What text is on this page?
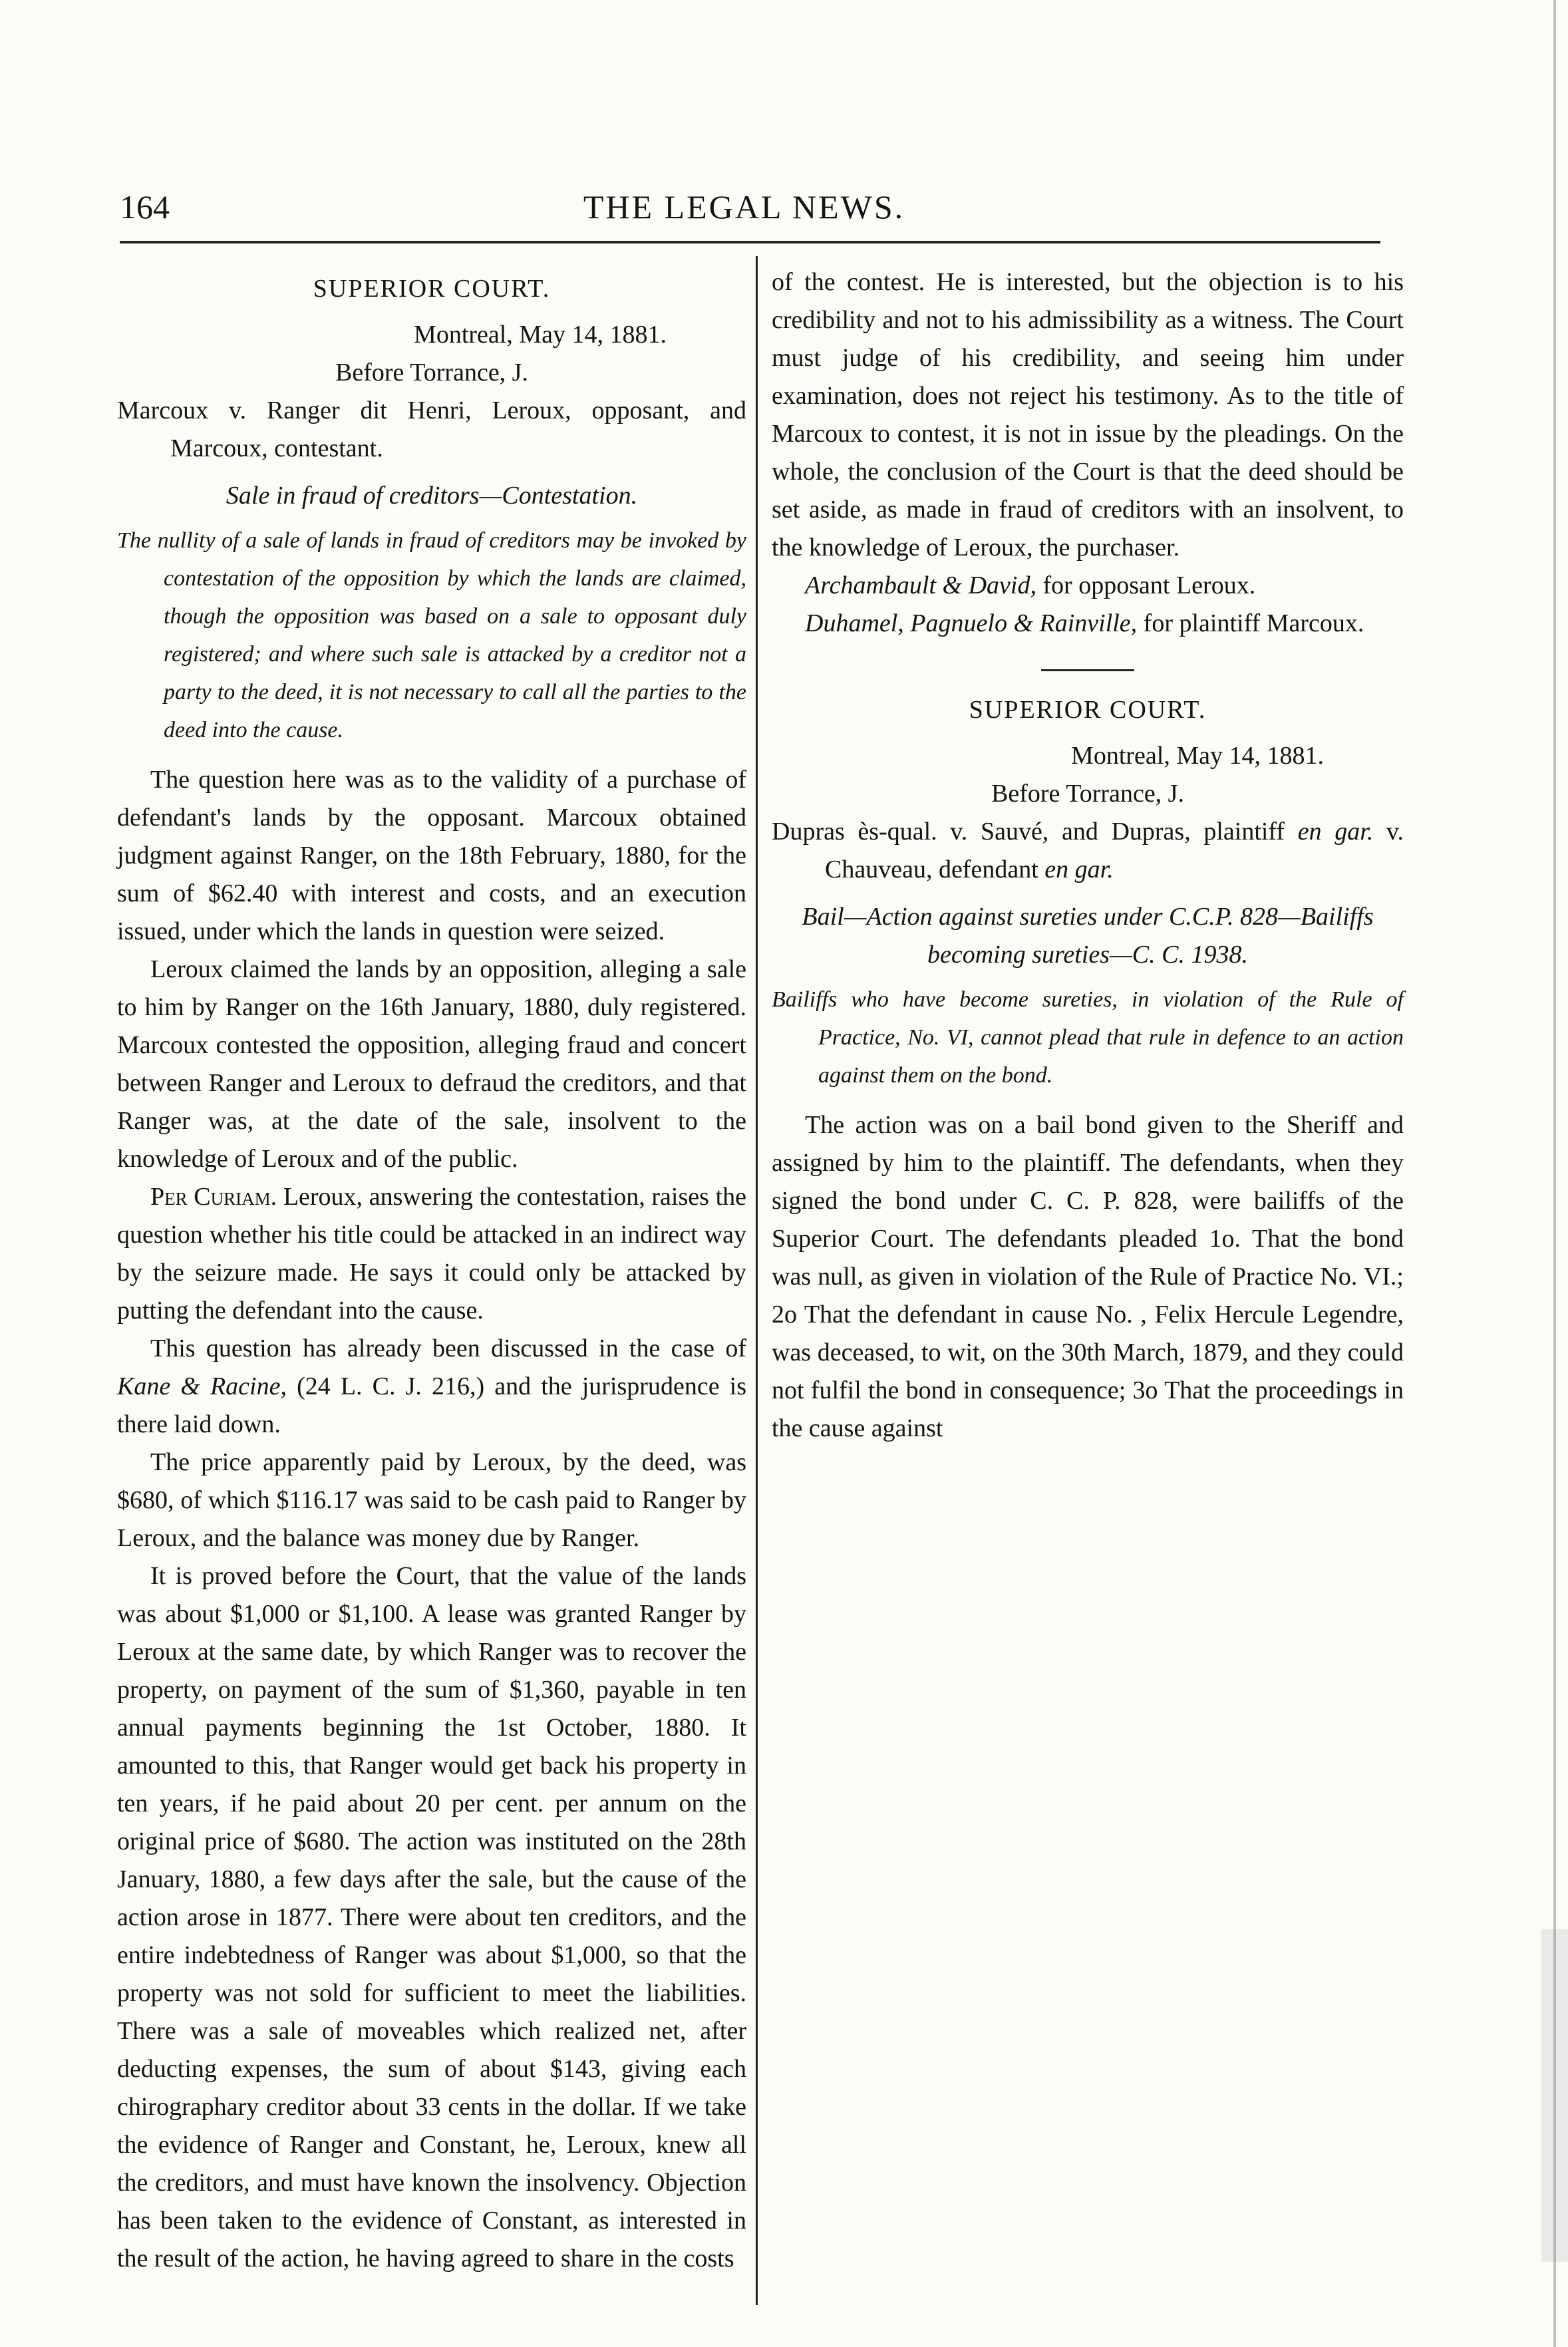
164	THE LEGAL NEWS.
SUPERIOR COURT.
Montreal, May 14, 1881.
Before Torrance, J.
Marcoux v. Ranger dit Henri, Leroux, opposant, and Marcoux, contestant.
Sale in fraud of creditors—Contestation.
The nullity of a sale of lands in fraud of creditors may be invoked by contestation of the opposition by which the lands are claimed, though the opposition was based on a sale to opposant duly registered; and where such sale is attacked by a creditor not a party to the deed, it is not necessary to call all the parties to the deed into the cause.

The question here was as to the validity of a purchase of defendant's lands by the opposant. Marcoux obtained judgment against Ranger, on the 18th February, 1880, for the sum of $62.40 with interest and costs, and an execution issued, under which the lands in question were seized.

Leroux claimed the lands by an opposition, alleging a sale to him by Ranger on the 16th January, 1880, duly registered. Marcoux contested the opposition, alleging fraud and concert between Ranger and Leroux to defraud the creditors, and that Ranger was, at the date of the sale, insolvent to the knowledge of Leroux and of the public.

Per Curiam. Leroux, answering the contestation, raises the question whether his title could be attacked in an indirect way by the seizure made. He says it could only be attacked by putting the defendant into the cause.

This question has already been discussed in the case of Kane & Racine, (24 L. C. J. 216,) and the jurisprudence is there laid down.

The price apparently paid by Leroux, by the deed, was $680, of which $116.17 was said to be cash paid to Ranger by Leroux, and the balance was money due by Ranger.

It is proved before the Court, that the value of the lands was about $1,000 or $1,100. A lease was granted Ranger by Leroux at the same date, by which Ranger was to recover the property, on payment of the sum of $1,360, payable in ten annual payments beginning the 1st October, 1880. It amounted to this, that Ranger would get back his property in ten years, if he paid about 20 per cent. per annum on the original price of $680. The action was instituted on the 28th January, 1880, a few days after the sale, but the cause of the action arose in 1877. There were about ten creditors, and the entire indebtedness of Ranger was about $1,000, so that the property was not sold for sufficient to meet the liabilities. There was a sale of moveables which realized net, after deducting expenses, the sum of about $143, giving each chirographary creditor about 33 cents in the dollar. If we take the evidence of Ranger and Constant, he, Leroux, knew all the creditors, and must have known the insolvency. Objection has been taken to the evidence of Constant, as interested in the result of the action, he having agreed to share in the costs

of the contest. He is interested, but the objection is to his credibility and not to his admissibility as a witness. The Court must judge of his credibility, and seeing him under examination, does not reject his testimony. As to the title of Marcoux to contest, it is not in issue by the pleadings. On the whole, the conclusion of the Court is that the deed should be set aside, as made in fraud of creditors with an insolvent, to the knowledge of Leroux, the purchaser.

Archambault & David, for opposant Leroux.

Duhamel, Pagnuelo & Rainville, for plaintiff Marcoux.

SUPERIOR COURT.
Montreal, May 14, 1881.
Before Torrance, J.
Dupras ès-qual. v. Sauvé, and Dupras, plaintiff en gar. v. Chauveau, defendant en gar.
Bail—Action against sureties under C.C.P. 828—Bailiffs becoming sureties—C. C. 1938.
Bailiffs who have become sureties, in violation of the Rule of Practice, No. VI, cannot plead that rule in defence to an action against them on the bond.

The action was on a bail bond given to the Sheriff and assigned by him to the plaintiff. The defendants, when they signed the bond under C. C. P. 828, were bailiffs of the Superior Court. The defendants pleaded 1o. That the bond was null, as given in violation of the Rule of Practice No. VI.; 2o That the defendant in cause No. , Felix Hercule Legendre, was deceased, to wit, on the 30th March, 1879, and they could not fulfil the bond in consequence; 3o That the proceedings in the cause against
